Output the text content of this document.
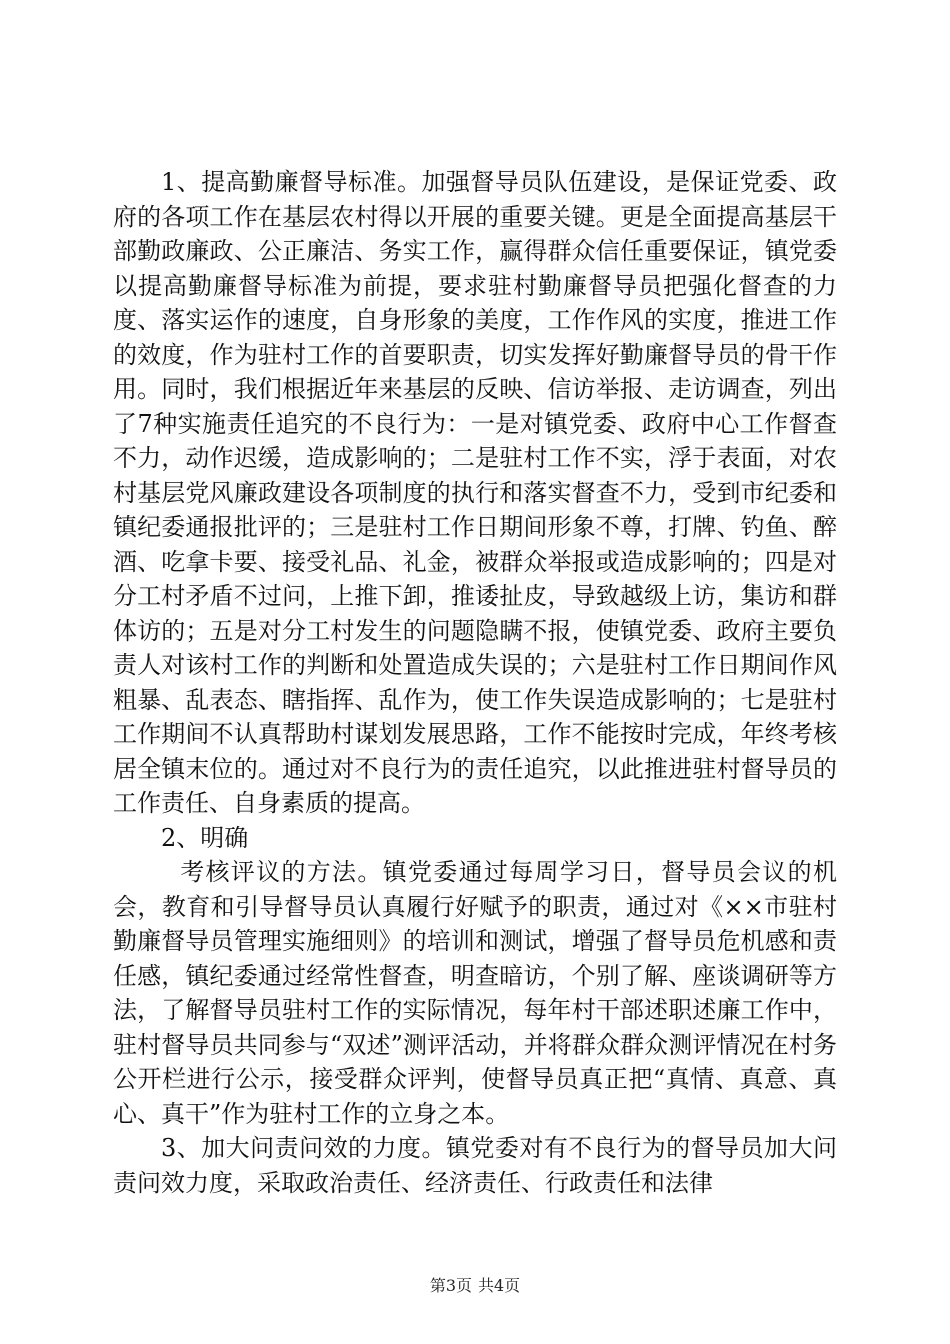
1、提高勤廉督导标准。加强督导员队伍建设，是保证党委、政府的各项工作在基层农村得以开展的重要关键。更是全面提高基层干部勤政廉政、公正廉洁、务实工作，赢得群众信任重要保证，镇党委以提高勤廉督导标准为前提，要求驻村勤廉督导员把强化督查的力度、落实运作的速度，自身形象的美度，工作作风的实度，推进工作的效度，作为驻村工作的首要职责，切实发挥好勤廉督导员的骨干作用。同时，我们根据近年来基层的反映、信访举报、走访调查，列出了7种实施责任追究的不良行为：一是对镇党委、政府中心工作督查不力，动作迟缓，造成影响的；二是驻村工作不实，浮于表面，对农村基层党风廉政建设各项制度的执行和落实督查不力，受到市纪委和镇纪委通报批评的；三是驻村工作日期间形象不尊，打牌、钓鱼、醉酒、吃拿卡要、接受礼品、礼金，被群众举报或造成影响的；四是对分工村矛盾不过问，上推下卸，推诿扯皮，导致越级上访，集访和群体访的；五是对分工村发生的问题隐瞒不报，使镇党委、政府主要负责人对该村工作的判断和处置造成失误的；六是驻村工作日期间作风粗暴、乱表态、瞎指挥、乱作为，使工作失误造成影响的；七是驻村工作期间不认真帮助村谋划发展思路，工作不能按时完成，年终考核居全镇末位的。通过对不良行为的责任追究，以此推进驻村督导员的工作责任、自身素质的提高。

2、明确

考核评议的方法。镇党委通过每周学习日，督导员会议的机会，教育和引导督导员认真履行好赋予的职责，通过对《××市驻村勤廉督导员管理实施细则》的培训和测试，增强了督导员危机感和责任感，镇纪委通过经常性督查，明查暗访，个别了解、座谈调研等方法，了解督导员驻村工作的实际情况，每年村干部述职述廉工作中，驻村督导员共同参与“双述”测评活动，并将群众群众测评情况在村务公开栏进行公示，接受群众评判，使督导员真正把“真情、真意、真心、真干”作为驻村工作的立身之本。

3、加大问责问效的力度。镇党委对有不良行为的督导员加大问责问效力度，采取政治责任、经济责任、行政责任和法律

第3页 共4页
